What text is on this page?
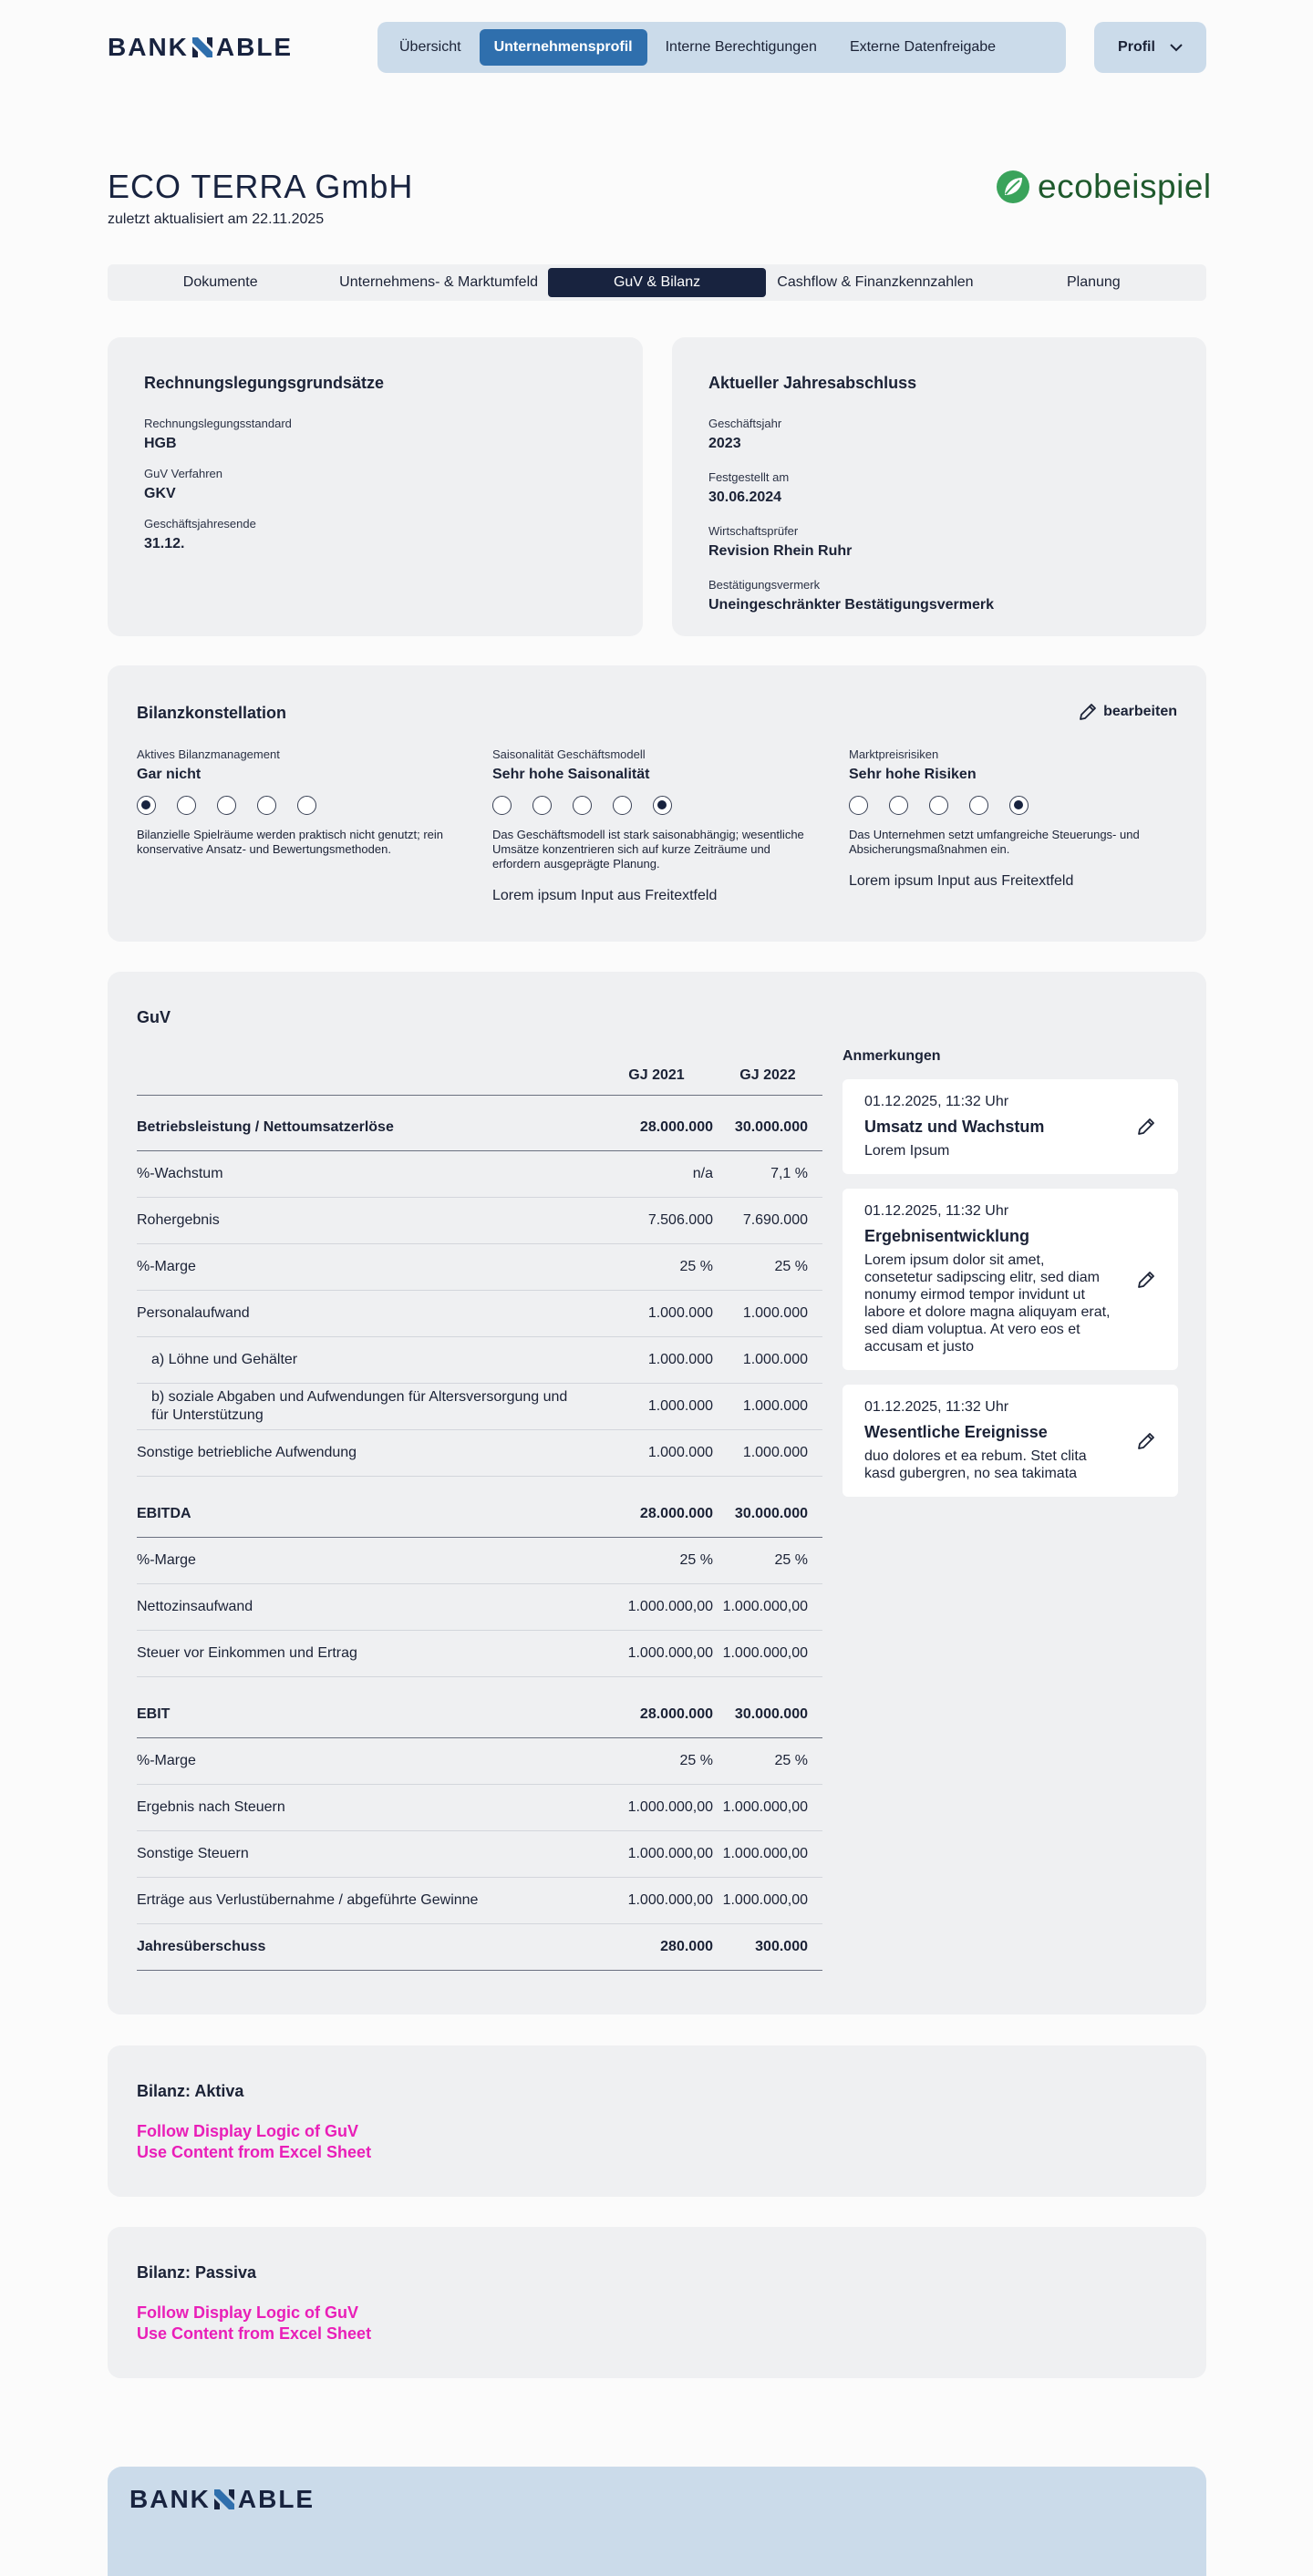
BANK ABLE	Übersicht	Unternehmensprofil	Interne Berechtigungen	Externe Datenfreigabe	Profil
ECO TERRA GmbH
zuletzt aktualisiert am 22.11.2025
ecobeispiel
Dokumente	Unternehmens- & Marktumfeld	GuV & Bilanz	Cashflow & Finanzkennzahlen	Planung
Rechnungslegungsgrundsätze
Rechnungslegungsstandard
HGB
GuV Verfahren
GKV
Geschäftsjahresende
31.12.
Aktueller Jahresabschluss
Geschäftsjahr
2023
Festgestellt am
30.06.2024
Wirtschaftsprüfer
Revision Rhein Ruhr
Bestätigungsvermerk
Uneingeschränkter Bestätigungsvermerk
Bilanzkonstellation	bearbeiten
Aktives Bilanzmanagement
Gar nicht
Bilanzielle Spielräume werden praktisch nicht genutzt; rein konservative Ansatz- und Bewertungsmethoden.
Saisonalität Geschäftsmodell
Sehr hohe Saisonalität
Das Geschäftsmodell ist stark saisonabhängig; wesentliche Umsätze konzentrieren sich auf kurze Zeiträume und erfordern ausgeprägte Planung.
Lorem ipsum Input aus Freitextfeld
Marktpreisrisiken
Sehr hohe Risiken
Das Unternehmen setzt umfangreiche Steuerungs- und Absicherungsmaßnahmen ein.
Lorem ipsum Input aus Freitextfeld
GuV
GJ 2021	GJ 2022
Betriebsleistung / Nettoumsatzerlöse	28.000.000	30.000.000
%-Wachstum	n/a	7,1 %
Rohergebnis	7.506.000	7.690.000
%-Marge	25 %	25 %
Personalaufwand	1.000.000	1.000.000
a) Löhne und Gehälter	1.000.000	1.000.000
b) soziale Abgaben und Aufwendungen für Altersversorgung und für Unterstützung
1.000.000	1.000.000
Sonstige betriebliche Aufwendung	1.000.000	1.000.000
EBITDA	28.000.000	30.000.000
%-Marge	25 %	25 %
Nettozinsaufwand	1.000.000,00 1.000.000,00
Steuer vor Einkommen und Ertrag	1.000.000,00 1.000.000,00
EBIT	28.000.000	30.000.000
%-Marge	25 %	25 %
Ergebnis nach Steuern	1.000.000,00 1.000.000,00
Sonstige Steuern	1.000.000,00 1.000.000,00
Erträge aus Verlustübernahme / abgeführte Gewinne	1.000.000,00 1.000.000,00
Jahresüberschuss	280.000	300.000
Anmerkungen
01.12.2025, 11:32 Uhr
Umsatz und Wachstum
Lorem Ipsum
01.12.2025, 11:32 Uhr
Ergebnisentwicklung
Lorem ipsum dolor sit amet, consetetur sadipscing elitr, sed diam nonumy eirmod tempor invidunt ut labore et dolore magna aliquyam erat, sed diam voluptua. At vero eos et accusam et justo
01.12.2025, 11:32 Uhr
Wesentliche Ereignisse
duo dolores et ea rebum. Stet clita kasd gubergren, no sea takimata
Bilanz: Aktiva
Follow Display Logic of GuV
Use Content from Excel Sheet
Bilanz: Passiva
Follow Display Logic of GuV
Use Content from Excel Sheet
BANK ABLE
